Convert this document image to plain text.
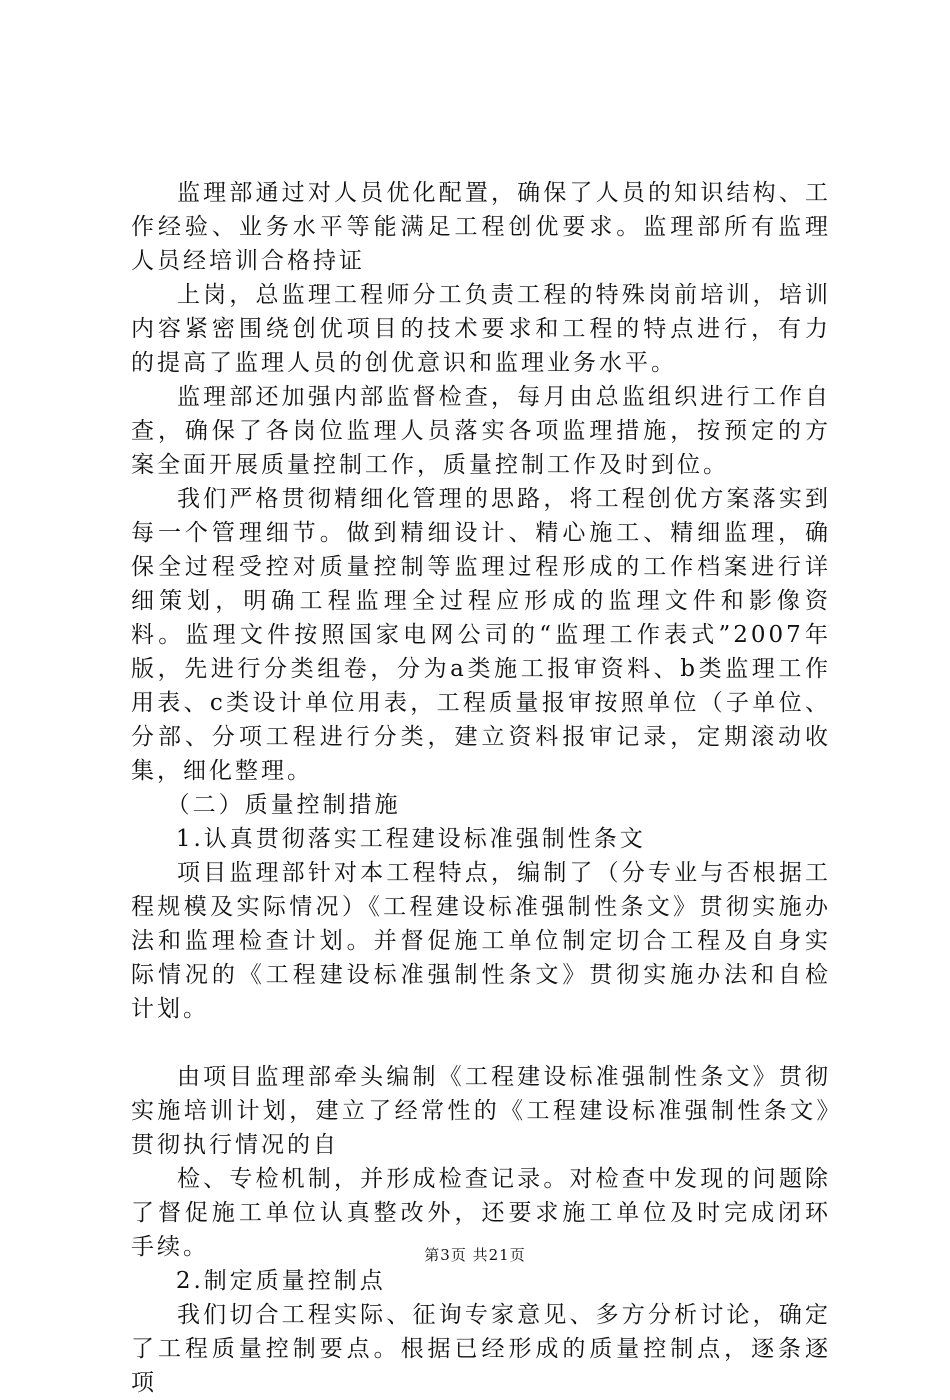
监理部通过对人员优化配置，确保了人员的知识结构、工作经验、业务水平等能满足工程创优要求。监理部所有监理人员经培训合格持证

上岗，总监理工程师分工负责工程的特殊岗前培训，培训内容紧密围绕创优项目的技术要求和工程的特点进行，有力的提高了监理人员的创优意识和监理业务水平。

监理部还加强内部监督检查，每月由总监组织进行工作自查，确保了各岗位监理人员落实各项监理措施，按预定的方案全面开展质量控制工作，质量控制工作及时到位。

我们严格贯彻精细化管理的思路，将工程创优方案落实到每一个管理细节。做到精细设计、精心施工、精细监理，确保全过程受控对质量控制等监理过程形成的工作档案进行详细策划，明确工程监理全过程应形成的监理文件和影像资料。监理文件按照国家电网公司的“监理工作表式”2007年版，先进行分类组卷，分为a类施工报审资料、b类监理工作用表、c类设计单位用表，工程质量报审按照单位（子单位、分部、分项工程进行分类，建立资料报审记录，定期滚动收集，细化整理。

（二）质量控制措施

1.认真贯彻落实工程建设标准强制性条文

项目监理部针对本工程特点，编制了（分专业与否根据工程规模及实际情况）《工程建设标准强制性条文》贯彻实施办法和监理检查计划。并督促施工单位制定切合工程及自身实际情况的《工程建设标准强制性条文》贯彻实施办法和自检计划。

由项目监理部牵头编制《工程建设标准强制性条文》贯彻实施培训计划，建立了经常性的《工程建设标准强制性条文》贯彻执行情况的自

检、专检机制，并形成检查记录。对检查中发现的问题除了督促施工单位认真整改外，还要求施工单位及时完成闭环手续。

2.制定质量控制点

我们切合工程实际、征询专家意见、多方分析讨论，确定了工程质量控制要点。根据已经形成的质量控制点，逐条逐项

第3页 共21页
